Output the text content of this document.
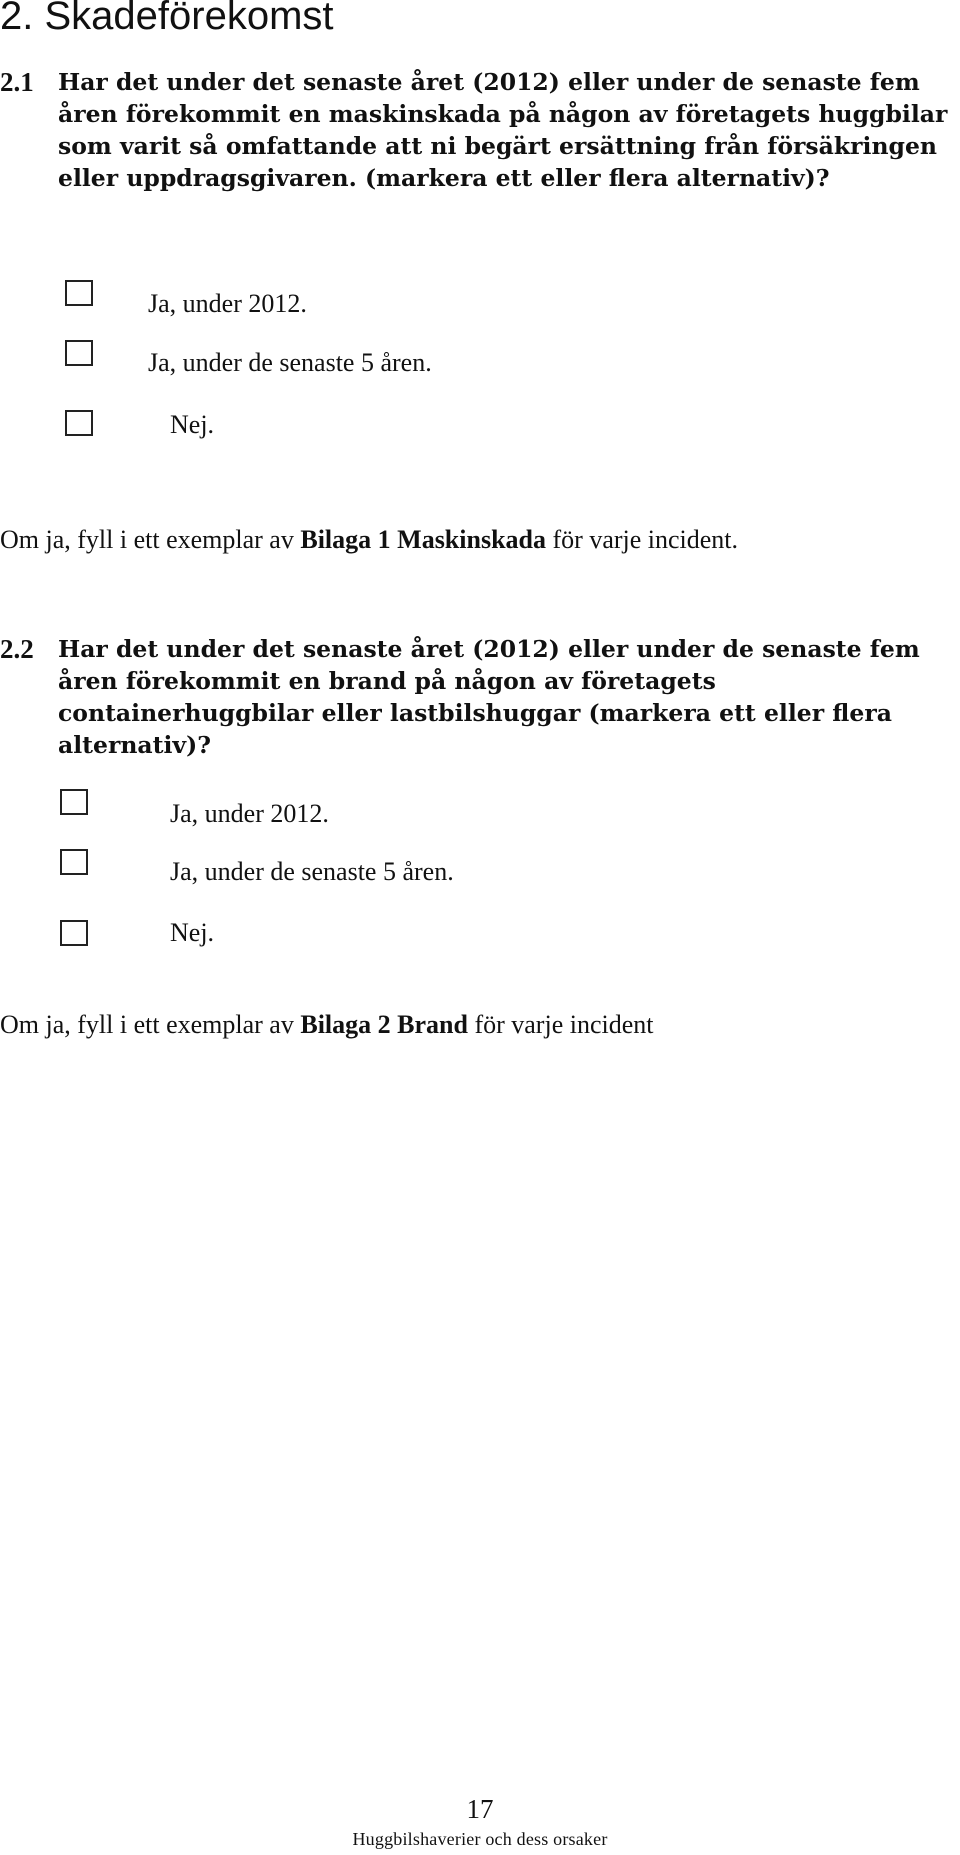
2. Skadeförekomst
2.1 Har det under det senaste året (2012) eller under de senaste fem åren förekommit en maskinskada på någon av företagets huggbilar som varit så omfattande att ni begärt ersättning från försäkringen eller uppdragsgivaren. (markera ett eller flera alternativ)?
Ja, under 2012.
Ja, under de senaste 5 åren.
Nej.
Om ja, fyll i ett exemplar av Bilaga 1 Maskinskada för varje incident.
2.2 Har det under det senaste året (2012) eller under de senaste fem åren förekommit en brand på någon av företagets containerhuggbilar eller lastbilshuggar (markera ett eller flera alternativ)?
Ja, under 2012.
Ja, under de senaste 5 åren.
Nej.
Om ja, fyll i ett exemplar av Bilaga 2 Brand för varje incident
17
Huggbilshaverier och dess orsaker
